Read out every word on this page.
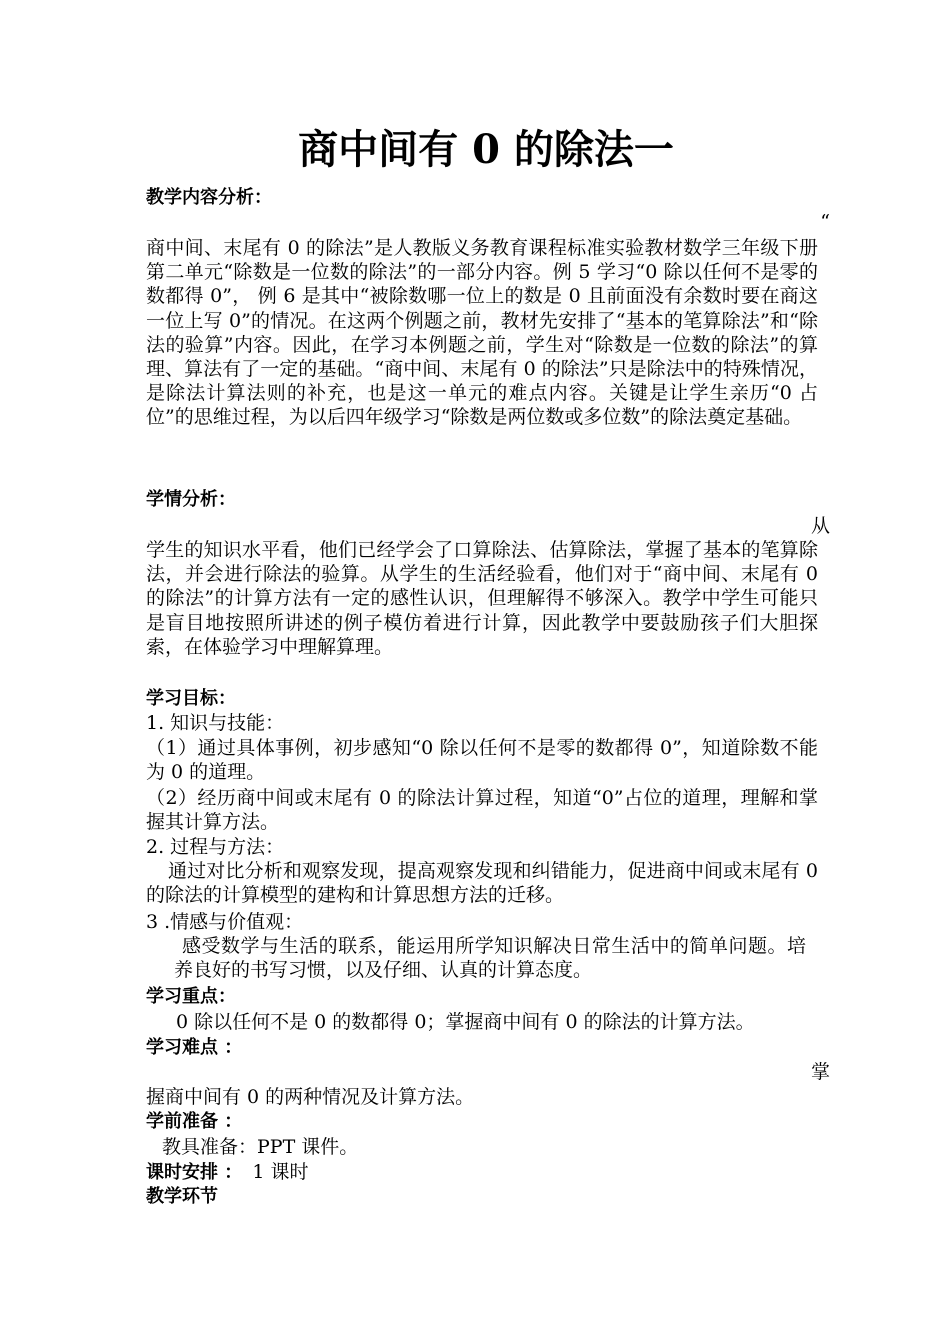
商中间有 0 的除法一
教学内容分析：
“
商中间、末尾有 0 的除法”是人教版义务教育课程标准实验教材数学三年级下册第二单元“除数是一位数的除法”的一部分内容。例 5 学习“0 除以任何不是零的数都得 0”， 例 6 是其中“被除数哪一位上的数是 0 且前面没有余数时要在商这一位上写 0”的情况。在这两个例题之前，教材先安排了“基本的笔算除法”和“除法的验算”内容。因此，在学习本例题之前，学生对“除数是一位数的除法”的算理、算法有了一定的基础。“商中间、末尾有 0 的除法”只是除法中的特殊情况，是除法计算法则的补充，也是这一单元的难点内容。关键是让学生亲历“0 占位”的思维过程，为以后四年级学习“除数是两位数或多位数”的除法奠定基础。
学情分析：
从
学生的知识水平看，他们已经学会了口算除法、估算除法，掌握了基本的笔算除法，并会进行除法的验算。从学生的生活经验看，他们对于“商中间、末尾有 0 的除法”的计算方法有一定的感性认识，但理解得不够深入。教学中学生可能只是盲目地按照所讲述的例子模仿着进行计算，因此教学中要鼓励孩子们大胆探索，在体验学习中理解算理。
学习目标：
1. 知识与技能：
（1）通过具体事例，初步感知“0 除以任何不是零的数都得 0”，知道除数不能为 0 的道理。
（2）经历商中间或末尾有 0 的除法计算过程，知道“0”占位的道理，理解和掌握其计算方法。
2. 过程与方法：
通过对比分析和观察发现，提高观察发现和纠错能力，促进商中间或末尾有 0 的除法的计算模型的建构和计算思想方法的迁移。
3 .情感与价值观：
感受数学与生活的联系，能运用所学知识解决日常生活中的简单问题。培养良好的书写习惯，以及仔细、认真的计算态度。
学习重点：
0 除以任何不是 0 的数都得 0；掌握商中间有 0 的除法的计算方法。
学习难点 ：
掌
握商中间有 0 的两种情况及计算方法。
学前准备 ：
教具准备：PPT 课件。
课时安排 ： 1 课时
教学环节
